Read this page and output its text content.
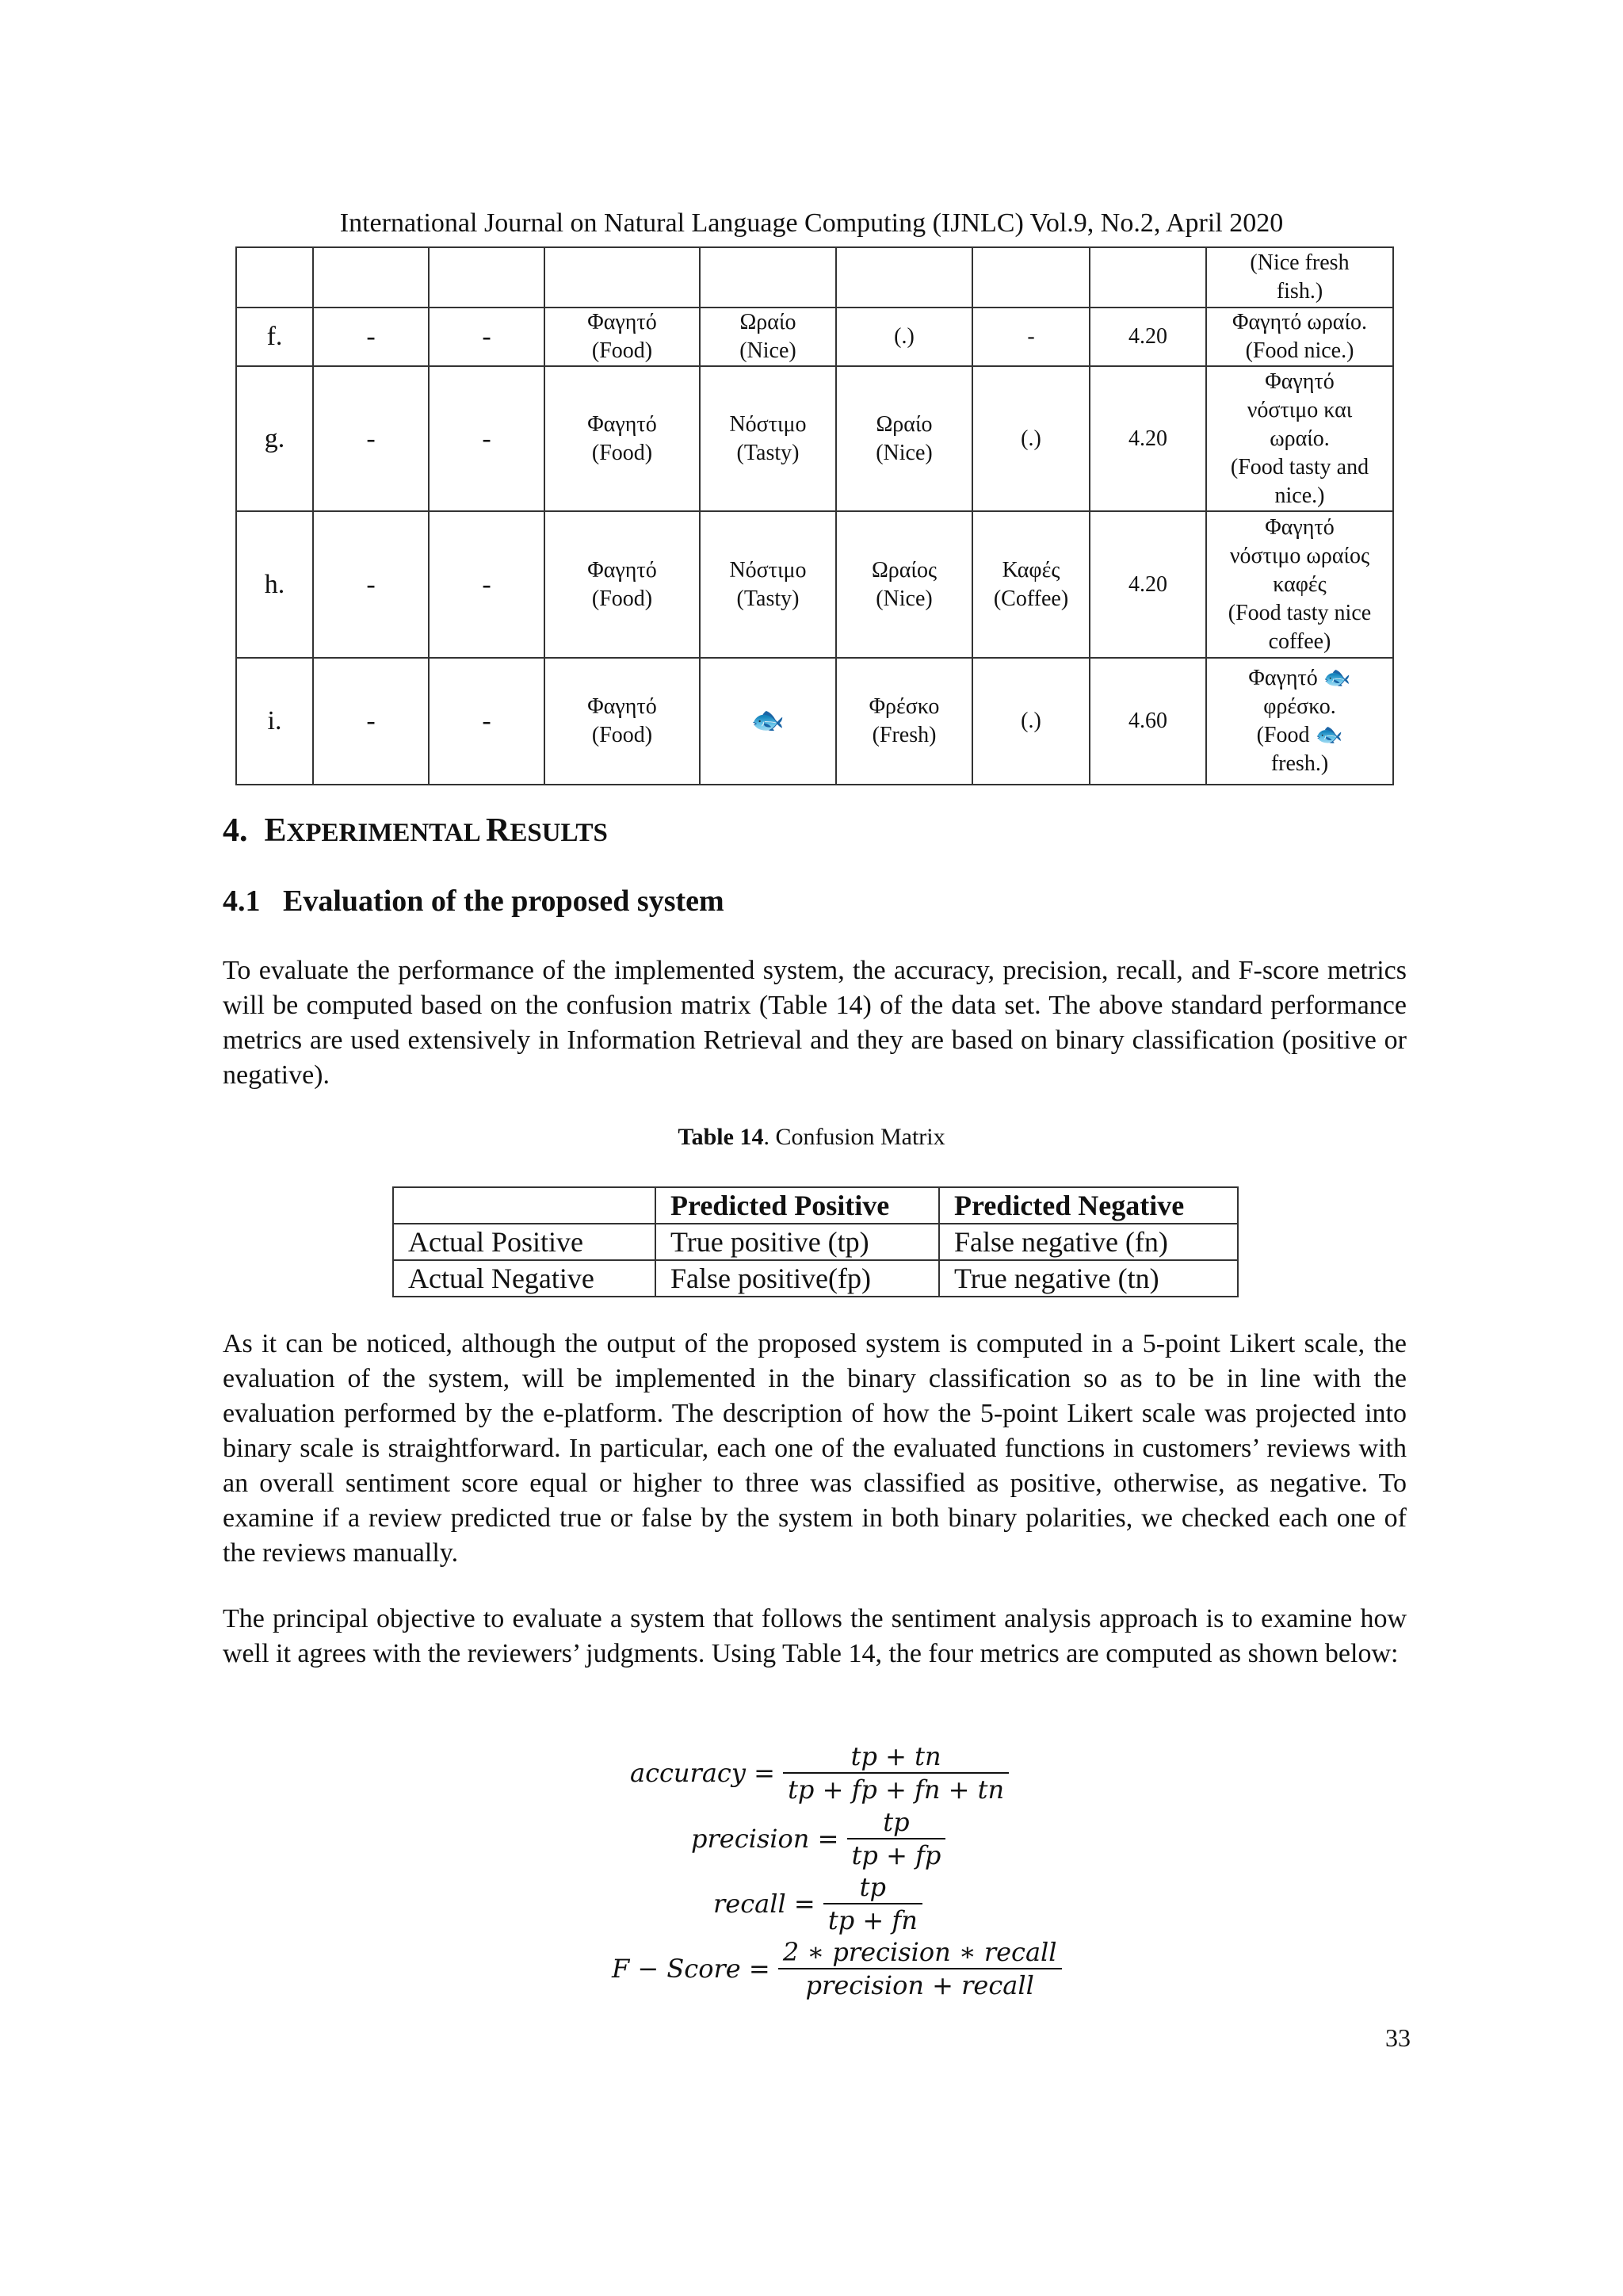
International Journal on Natural Language Computing (IJNLC) Vol.9, No.2, April 2020

								(Nice fresh
fish.)

f.	-	-	Φαγητό
(Food)	Ωραίο
(Nice)	(.)	-	4.20	Φαγητό ωραίο.
(Food nice.)

g.	-	-	Φαγητό
(Food)	Νόστιμο
(Tasty)	Ωραίο
(Nice)	(.)	4.20	Φαγητό
νόστιμο και
ωραίο.
(Food tasty and
nice.)

h.	-	-	Φαγητό
(Food)	Νόστιμο
(Tasty)	Ωραίος
(Nice)	Καφές
(Coffee)	4.20	Φαγητό
νόστιμο ωραίος
καφές
(Food tasty nice
coffee)

i.	-	-	Φαγητό
(Food)	🐟	Φρέσκο
(Fresh)	(.)	4.60	Φαγητό 🐟
φρέσκο.
(Food 🐟
fresh.)
4. EXPERIMENTAL RESULTS
4.1 Evaluation of the proposed system

To evaluate the performance of the implemented system, the accuracy, precision, recall, and F-score metrics will be computed based on the confusion matrix (Table 14) of the data set. The above standard performance metrics are used extensively in Information Retrieval and they are based on binary classification (positive or negative).

Table 14. Confusion Matrix
	Predicted Positive	Predicted Negative
Actual Positive	True positive (tp)	False negative (fn)
Actual Negative	False positive(fp)	True negative (tn)

As it can be noticed, although the output of the proposed system is computed in a 5-point Likert scale, the evaluation of the system, will be implemented in the binary classification so as to be in line with the evaluation performed by the e-platform. The description of how the 5-point Likert scale was projected into binary scale is straightforward. In particular, each one of the evaluated functions in customers’ reviews with an overall sentiment score equal or higher to three was classified as positive, otherwise, as negative. To examine if a review predicted true or false by the system in both binary polarities, we checked each one of the reviews manually.

The principal objective to evaluate a system that follows the sentiment analysis approach is to examine how well it agrees with the reviewers’ judgments. Using Table 14, the four metrics are computed as shown below:

accuracy = $\frac{tp + tn}{tp + fp + fn + tn}$
precision = $\frac{tp}{tp + fp}$
recall = $\frac{tp}{tp + fn}$
F − Score = $\frac{\text{2 ∗ precision ∗ recall}}{\text{precision + recall}}$
33
